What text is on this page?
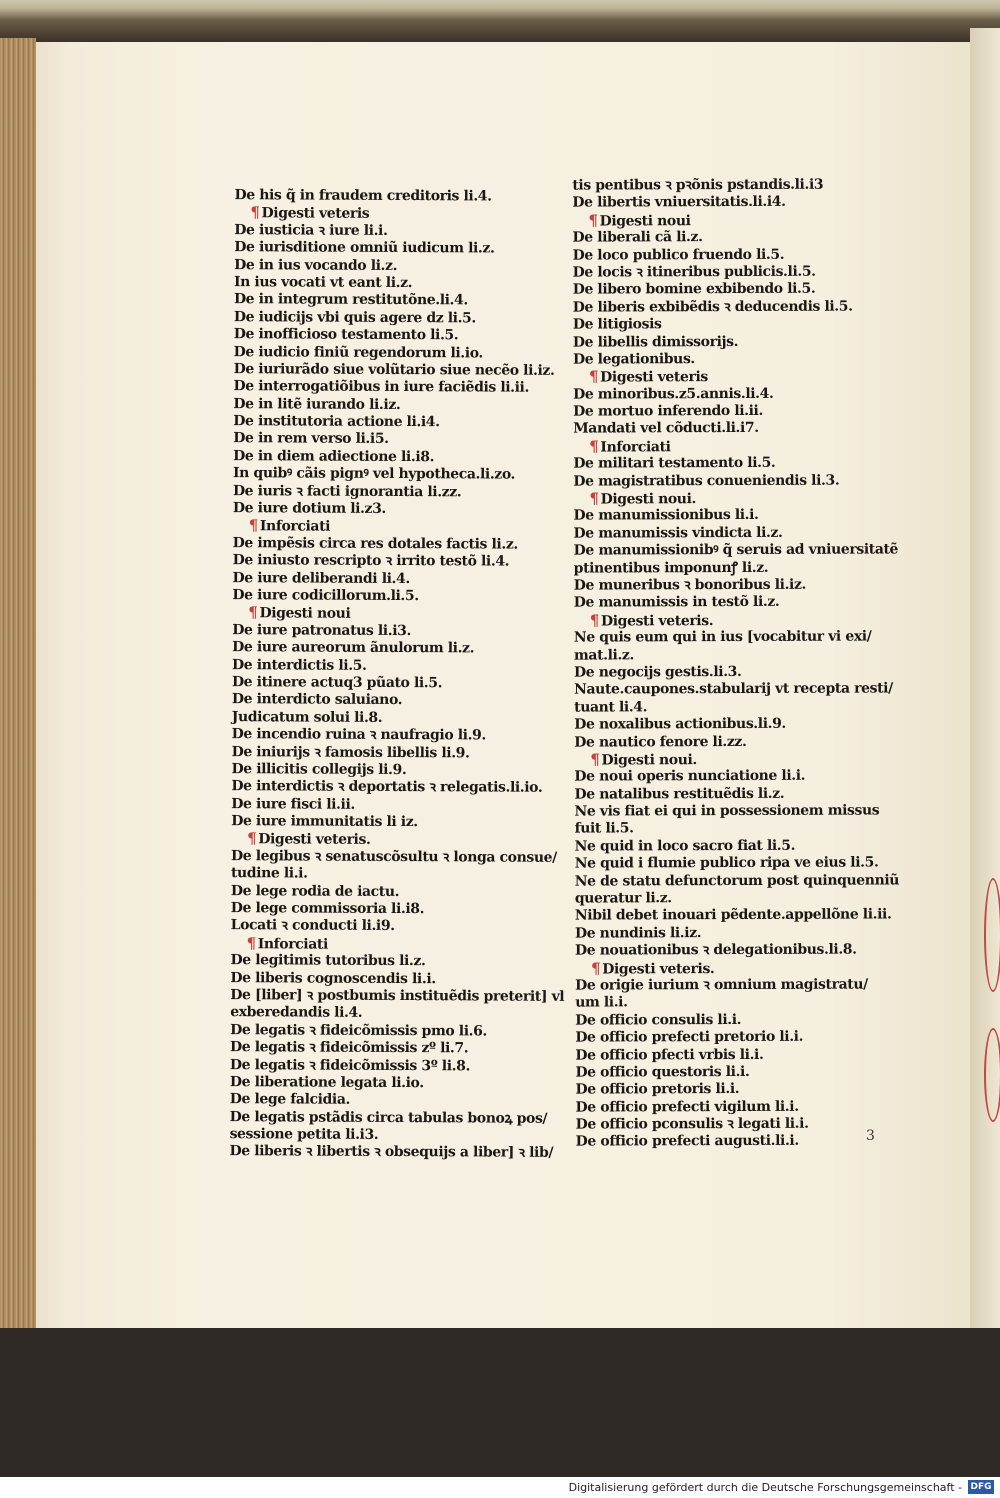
De his q̃ in fraudem creditoris li.4.
¶ Digesti veteris
De iusticia ꝛ iure li.i.
De iurisditione omniũ iudicum li.z.
De in ius vocando li.z.
In ius vocati vt eant li.z.
De in integrum restitutõne.li.4.
De iudicijs vbi quis agere dz li.5.
De inofficioso testamento li.5.
De iudicio finiũ regendorum li.io.
De iuriurãdo siue volũtario siue necẽo li.iz.
De interrogatiõibus in iure faciẽdis li.ii.
De in litẽ iurando li.iz.
De institutoria actione li.i4.
De in rem verso li.i5.
De in diem adiectione li.i8.
In quibꝰ cãis pignꝰ vel hypotheca.li.zo.
De iuris ꝛ facti ignorantia li.zz.
De iure dotium li.z3.
¶ Inforciati
De impẽsis circa res dotales factis li.z.
De iniusto rescripto ꝛ irrito testõ li.4.
De iure deliberandi li.4.
De iure codicillorum.li.5.
¶ Digesti noui
De iure patronatus li.i3.
De iure aureorum ãnulorum li.z.
De interdictis li.5.
De itinere actuq3 pũato li.5.
De interdicto saluiano.
Judicatum solui li.8.
De incendio ruina ꝛ naufragio li.9.
De iniurijs ꝛ famosis libellis li.9.
De illicitis collegijs li.9.
De interdictis ꝛ deportatis ꝛ relegatis.li.io.
De iure fisci li.ii.
De iure immunitatis li iz.
¶ Digesti veteris.
De legibus ꝛ senatuscõsultu ꝛ longa consue/
tudine li.i.
De lege rodia de iactu.
De lege commissoria li.i8.
Locati ꝛ conducti li.i9.
¶ Inforciati
De legitimis tutoribus li.z.
De liberis cognoscendis li.i.
De [liber] ꝛ postbumis instituẽdis preterit] vl
exberedandis li.4.
De legatis ꝛ fideicõmissis pmo li.6.
De legatis ꝛ fideicõmissis zº li.7.
De legatis ꝛ fideicõmissis 3º li.8.
De liberatione legata li.io.
De lege falcidia.
De legatis pstãdis circa tabulas bonoꝝ pos/
sessione petita li.i3.
De liberis ꝛ libertis ꝛ obsequijs a liber] ꝛ lib/
tis pentibus ꝛ pꝛõnis pstandis.li.i3
De libertis vniuersitatis.li.i4.
¶ Digesti noui
De liberali cã li.z.
De loco publico fruendo li.5.
De locis ꝛ itineribus publicis.li.5.
De libero bomine exbibendo li.5.
De liberis exbibẽdis ꝛ deducendis li.5.
De litigiosis
De libellis dimissorijs.
De legationibus.
¶ Digesti veteris
De minoribus.z5.annis.li.4.
De mortuo inferendo li.ii.
Mandati vel cõducti.li.i7.
¶ Inforciati
De militari testamento li.5.
De magistratibus conueniendis li.3.
¶ Digesti noui.
De manumissionibus li.i.
De manumissis vindicta li.z.
De manumissionibꝰ q̃ seruis ad vniuersitatẽ
ptinentibus imponunꝭ li.z.
De muneribus ꝛ bonoribus li.iz.
De manumissis in testõ li.z.
¶ Digesti veteris.
Ne quis eum qui in ius [vocabitur vi exi/
mat.li.z.
De negocijs gestis.li.3.
Naute.caupones.stabularij vt recepta resti/
tuant li.4.
De noxalibus actionibus.li.9.
De nautico fenore li.zz.
¶ Digesti noui.
De noui operis nunciatione li.i.
De natalibus restituẽdis li.z.
Ne vis fiat ei qui in possessionem missus
fuit li.5.
Ne quid in loco sacro fiat li.5.
Ne quid i flumie publico ripa ve eius li.5.
Ne de statu defunctorum post quinquenniũ
queratur li.z.
Nibil debet inouari pẽdente.appellõne li.ii.
De nundinis li.iz.
De nouationibus ꝛ delegationibus.li.8.
¶ Digesti veteris.
De origie iurium ꝛ omnium magistratu/
um li.i.
De officio consulis li.i.
De officio prefecti pretorio li.i.
De officio pfecti vrbis li.i.
De officio questoris li.i.
De officio pretoris li.i.
De officio prefecti vigilum li.i.
De officio pconsulis ꝛ legati li.i.
De officio prefecti augusti.li.i.	3
Digitalisierung gefördert durch die Deutsche Forschungsgemeinschaft - DFG
